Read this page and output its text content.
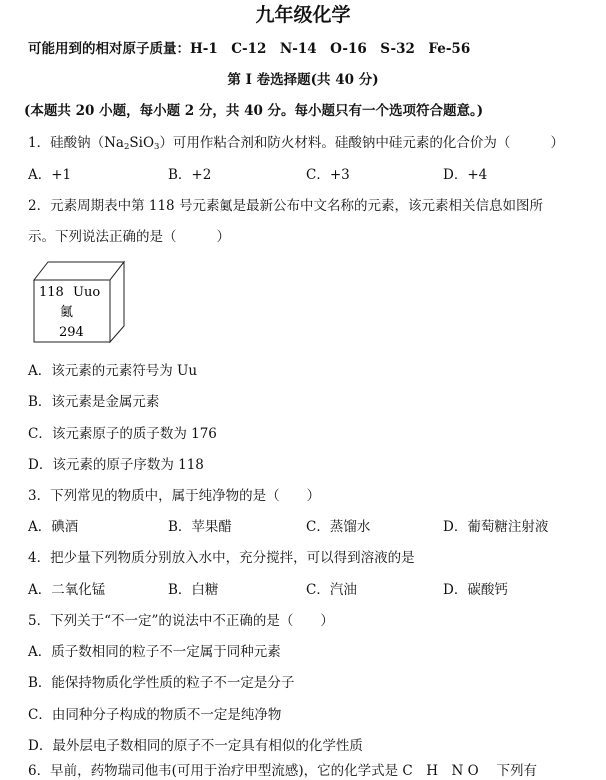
九年级化学
可能用到的相对原子质量：H-1　C-12　N-14　O-16　S-32　Fe-56
第 I 卷选择题(共 40 分)
(本题共 20 小题，每小题 2 分，共 40 分。每小题只有一个选项符合题意。)
1．硅酸钠$(Na_2SiO_3)$可用作粘合剂和防火材料。硅酸钠中硅元素的化合价为（	）
A．+1	B．+2	C．+3	D．+4
2．元素周期表中第 118 号元素鿫是最新公布中文名称的元素，该元素相关信息如图所
示。下列说法正确的是（	）
118 Uuo
鿫
294
A．该元素的元素符号为 Uu
B．该元素是金属元素
C．该元素原子的质子数为 176
D．该元素的原子序数为 118
3．下列常见的物质中，属于纯净物的是（　　）
A．碘酒	B．苹果醋	C．蒸馏水	D．葡萄糖注射液
4．把少量下列物质分别放入水中，充分搅拌，可以得到溶液的是
A．二氧化锰	B．白糖	C．汽油	D．碳酸钙
5．下列关于“不一定”的说法中不正确的是（　　）
A．质子数相同的粒子不一定属于同种元素
B．能保持物质化学性质的粒子不一定是分子
C．由同种分子构成的物质不一定是纯净物
D．最外层电子数相同的原子不一定具有相似的化学性质
6．早前，药物瑞司他韦(可用于治疗甲型流感)，它的化学式是 C　H　N O　 下列有
